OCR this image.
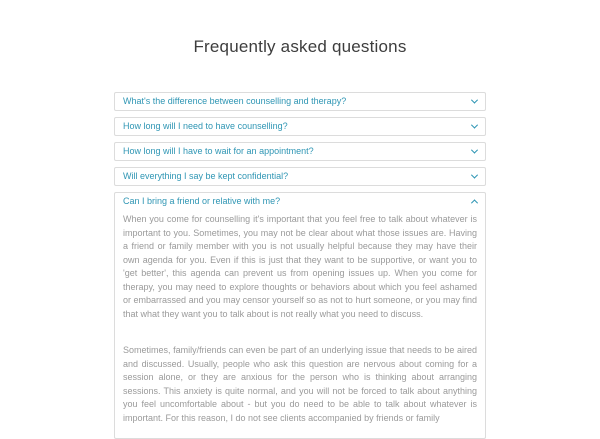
Frequently asked questions
What's the difference between counselling and therapy?
How long will I need to have counselling?
How long will I have to wait for an appointment?
Will everything I say be kept confidential?
Can I bring a friend or relative with me?

When you come for counselling it's important that you feel free to talk about whatever is important to you. Sometimes, you may not be clear about what those issues are. Having a friend or family member with you is not usually helpful because they may have their own agenda for you. Even if this is just that they want to be supportive, or want you to 'get better', this agenda can prevent us from opening issues up. When you come for therapy, you may need to explore thoughts or behaviors about which you feel ashamed or embarrassed and you may censor yourself so as not to hurt someone, or you may find that what they want you to talk about is not really what you need to discuss.

Sometimes, family/friends can even be part of an underlying issue that needs to be aired and discussed. Usually, people who ask this question are nervous about coming for a session alone, or they are anxious for the person who is thinking about arranging sessions. This anxiety is quite normal, and you will not be forced to talk about anything you feel uncomfortable about - but you do need to be able to talk about whatever is important. For this reason, I do not see clients accompanied by friends or family
